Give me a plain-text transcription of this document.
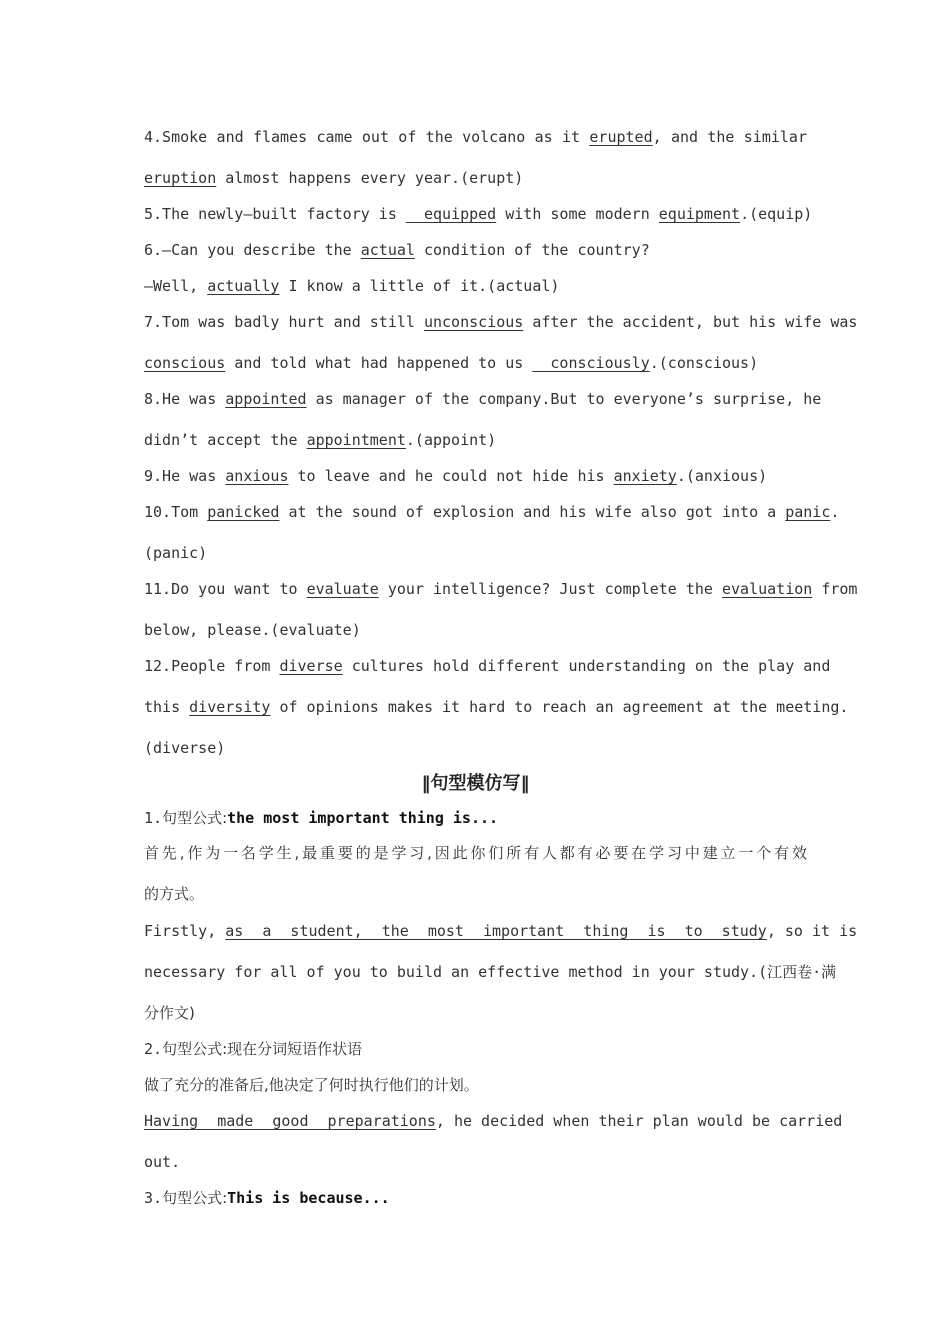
4.Smoke and flames came out of the volcano as it erupted, and the similar
eruption almost happens every year.(erupt)
5.The newly—built factory is   equipped with some modern equipment.(equip)
6.—Can you describe the actual condition of the country?
—Well, actually I know a little of it.(actual)
7.Tom was badly hurt and still unconscious after the accident, but his wife was
conscious and told what had happened to us   consciously.(conscious)
8.He was appointed as manager of the company.But to everyone’s surprise, he
didn’t accept the appointment.(appoint)
9.He was anxious to leave and he could not hide his anxiety.(anxious)
10.Tom panicked at the sound of explosion and his wife also got into a panic.
(panic)
11.Do you want to evaluate your intelligence? Just complete the evaluation from
below, please.(evaluate)
12.People from diverse cultures hold different understanding on the play and
this diversity of opinions makes it hard to reach an agreement at the meeting.
(diverse)
‖句型模仿写‖
1.句型公式:the most important thing is...
首先,作为一名学生,最重要的是学习,因此你们所有人都有必要在学习中建立一个有效
的方式。
Firstly, as a student, the most important thing is to study, so it is
necessary for all of you to build an effective method in your study.(江西卷·满
分作文)
2.句型公式:现在分词短语作状语
做了充分的准备后,他决定了何时执行他们的计划。
Having made good preparations, he decided when their plan would be carried
out.
3.句型公式:This is because...
